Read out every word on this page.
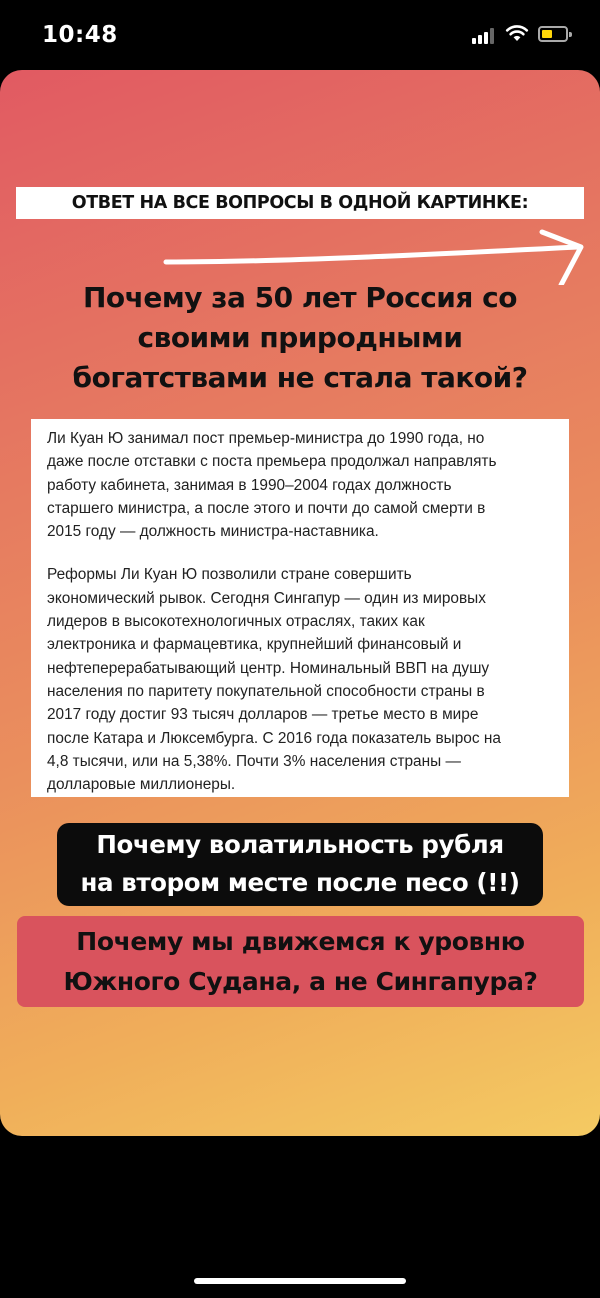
10:48
ОТВЕТ НА ВСЕ ВОПРОСЫ В ОДНОЙ КАРТИНКЕ:
Почему за 50 лет Россия со
своими природными
богатствами не стала такой?

Ли Куан Ю занимал пост премьер-министра до 1990 года, но
даже после отставки с поста премьера продолжал направлять
работу кабинета, занимая в 1990–2004 годах должность
старшего министра, а после этого и почти до самой смерти в
2015 году — должность министра-наставника.

Реформы Ли Куан Ю позволили стране совершить
экономический рывок. Сегодня Сингапур — один из мировых
лидеров в высокотехнологичных отраслях, таких как
электроника и фармацевтика, крупнейший финансовый и
нефтеперерабатывающий центр. Номинальный ВВП на душу
населения по паритету покупательной способности страны в
2017 году достиг 93 тысяч долларов — третье место в мире
после Катара и Люксембурга. С 2016 года показатель вырос на
4,8 тысячи, или на 5,38%. Почти 3% населения страны —
долларовые миллионеры.

Почему волатильность рубля
на втором месте после песо (!!)
Почему мы движемся к уровню
Южного Судана, а не Сингапура?
